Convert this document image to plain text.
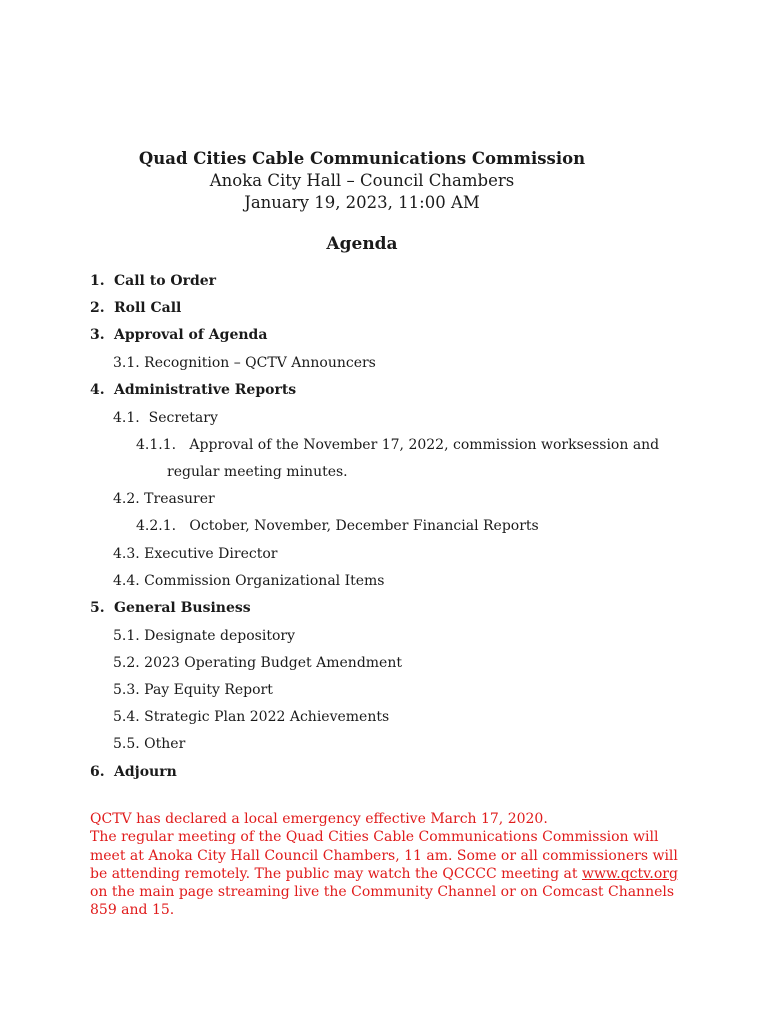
Quad Cities Cable Communications Commission
Anoka City Hall – Council Chambers
January 19, 2023, 11:00 AM
Agenda
1. Call to Order
2. Roll Call
3. Approval of Agenda
3.1. Recognition – QCTV Announcers
4. Administrative Reports
4.1.  Secretary
4.1.1.   Approval of the November 17, 2022, commission worksession and
regular meeting minutes.
4.2. Treasurer
4.2.1.   October, November, December Financial Reports
4.3. Executive Director
4.4. Commission Organizational Items
5. General Business
5.1. Designate depository
5.2. 2023 Operating Budget Amendment
5.3. Pay Equity Report
5.4. Strategic Plan 2022 Achievements
5.5. Other
6. Adjourn
QCTV has declared a local emergency effective March 17, 2020.
The regular meeting of the Quad Cities Cable Communications Commission will meet at Anoka City Hall Council Chambers, 11 am. Some or all commissioners will be attending remotely. The public may watch the QCCCC meeting at www.qctv.org on the main page streaming live the Community Channel or on Comcast Channels 859 and 15.
